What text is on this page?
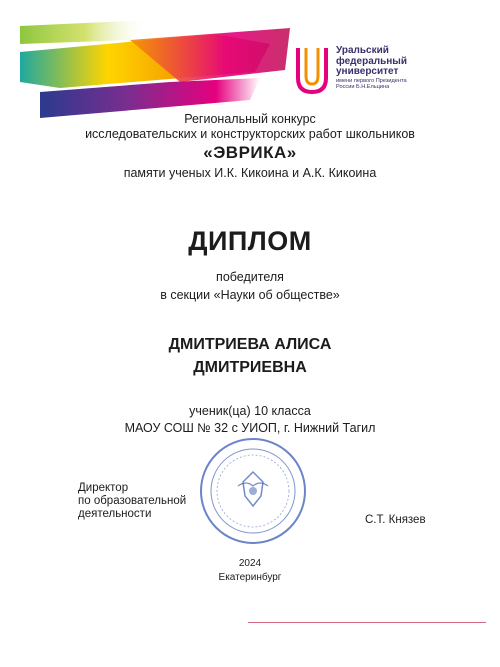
Уральский
федеральный
университет
имени первого Президента
России Б.Н.Ельцина
Региональный конкурс
исследовательских и конструкторских работ школьников
«ЭВРИКА»
памяти ученых И.К. Кикоина и А.К. Кикоина
ДИПЛОМ
победителя
в секции «Науки об обществе»
ДМИТРИЕВА АЛИСА
ДМИТРИЕВНА
ученик(ца) 10 класса
МАОУ СОШ № 32 с УИОП, г. Нижний Тагил
Директор
по образовательной
деятельности	С.Т. Князев
2024
Екатеринбург
